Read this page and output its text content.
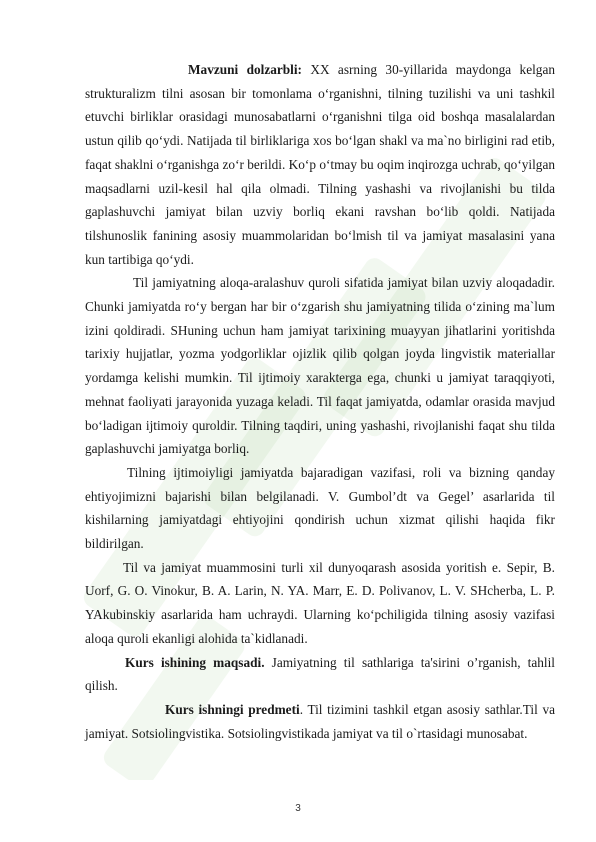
Mavzuni dolzarbli: XX asrning 30-yillarida maydonga kelgan strukturalizm tilni asosan bir tomonlama o‘rganishni, tilning tuzilishi va uni tashkil etuvchi birliklar orasidagi munosabatlarni o‘rganishni tilga oid boshqa masalalardan ustun qilib qo‘ydi. Natijada til birliklariga xos bo‘lgan shakl va ma`no birligini rad etib, faqat shaklni o‘rganishga zo‘r berildi. Ko‘p o‘tmay bu oqim inqirozga uchrab, qo‘yilgan maqsadlarni uzil-kesil hal qila olmadi. Tilning yashashi va rivojlanishi bu tilda gaplashuvchi jamiyat bilan uzviy borliq ekani ravshan bo‘lib qoldi. Natijada tilshunoslik fanining asosiy muammolaridan bo‘lmish til va jamiyat masalasini yana kun tartibiga qo‘ydi.

Til jamiyatning aloqa-aralashuv quroli sifatida jamiyat bilan uzviy aloqadadir. Chunki jamiyatda ro‘y bergan har bir o‘zgarish shu jamiyatning tilida o‘zining ma`lum izini qoldiradi. SHuning uchun ham jamiyat tarixining muayyan jihatlarini yoritishda tarixiy hujjatlar, yozma yodgorliklar ojizlik qilib qolgan joyda lingvistik materiallar yordamga kelishi mumkin. Til ijtimoiy xarakterga ega, chunki u jamiyat taraqqiyoti, mehnat faoliyati jarayonida yuzaga keladi. Til faqat jamiyatda, odamlar orasida mavjud bo‘ladigan ijtimoiy quroldir. Tilning taqdiri, uning yashashi, rivojlanishi faqat shu tilda gaplashuvchi jamiyatga borliq.

Tilning ijtimoiyligi jamiyatda bajaradigan vazifasi, roli va bizning qanday ehtiyojimizni bajarishi bilan belgilanadi. V. Gumbol’dt va Gegel’ asarlarida til kishilarning jamiyatdagi ehtiyojini qondirish uchun xizmat qilishi haqida fikr bildirilgan.

Til va jamiyat muammosini turli xil dunyoqarash asosida yoritish e. Sepir, B. Uorf, G. O. Vinokur, B. A. Larin, N. YA. Marr, E. D. Polivanov, L. V. SHcherba, L. P. YAkubinskiy asarlarida ham uchraydi. Ularning ko‘pchiligida tilning asosiy vazifasi aloqa quroli ekanligi alohida ta`kidlanadi.

Kurs ishining maqsadi. Jamiyatning til sathlariga ta'sirini o’rganish, tahlil qilish.

Kurs ishningi predmeti. Til tizimini tashkil etgan asosiy sathlar.Til va jamiyat. Sotsiolingvistika. Sotsiolingvistikada jamiyat va til o`rtasidagi munosabat.

3
